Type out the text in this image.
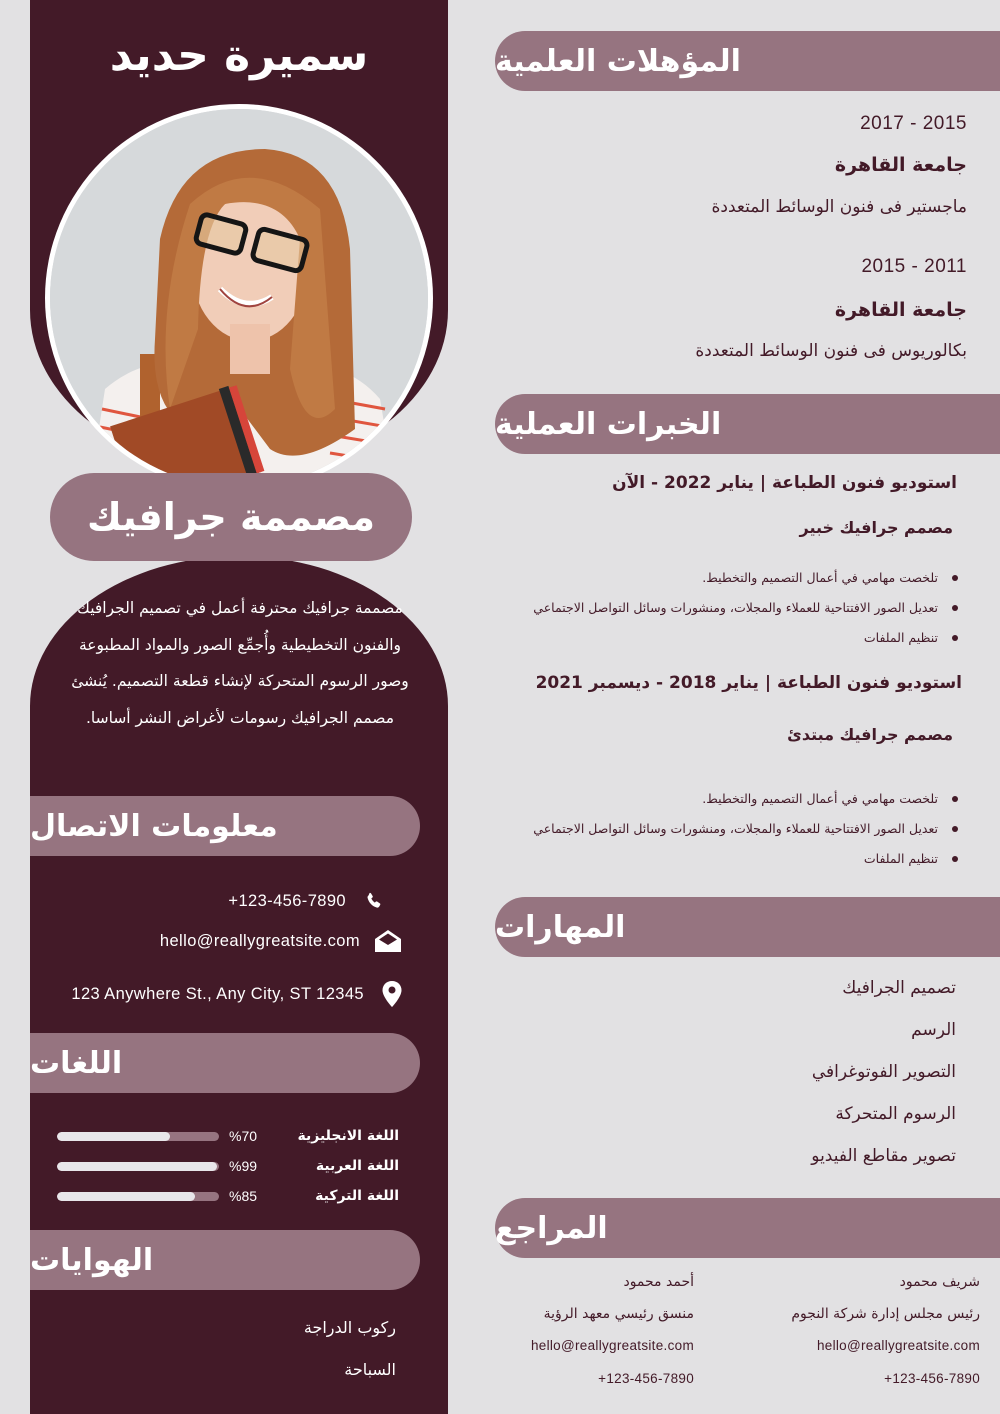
سميرة حديد
مصممة جرافيك

مصممة جرافيك محترفة أعمل في تصميم الجرافيك والفنون التخطيطية وأُجمِّع الصور والمواد المطبوعة وصور الرسوم المتحركة لإنشاء قطعة التصميم. يُنشئ مصمم الجرافيك رسومات لأغراض النشر أساسا.

معلومات الاتصال
+123-456-7890
hello@reallygreatsite.com
123 Anywhere St., Any City, ST 12345
اللغات
%70	اللغة الانجليزية
%99	اللغة العربية
%85	اللغة التركية
الهوايات
ركوب الدراجة
السباحة
المؤهلات العلمية
2017 - 2015
جامعة القاهرة
ماجستير فى فنون الوسائط المتعددة
2015 - 2011
جامعة القاهرة
بكالوريوس فى فنون الوسائط المتعددة
الخبرات العملية
استوديو فنون الطباعة | يناير 2022 - الآن
مصمم جرافيك خبير
تلخصت مهامي في أعمال التصميم والتخطيط.
تعديل الصور الافتتاحية للعملاء والمجلات، ومنشورات وسائل التواصل الاجتماعي
تنظيم الملفات
استوديو فنون الطباعة | يناير 2018 - ديسمبر 2021
مصمم جرافيك مبتدئ
تلخصت مهامي في أعمال التصميم والتخطيط.
تعديل الصور الافتتاحية للعملاء والمجلات، ومنشورات وسائل التواصل الاجتماعي
تنظيم الملفات
المهارات
تصميم الجرافيك
الرسم
التصوير الفوتوغرافي
الرسوم المتحركة
تصوير مقاطع الفيديو
المراجع
شريف محمود
رئيس مجلس إدارة شركة النجوم
hello@reallygreatsite.com
+123-456-7890
أحمد محمود
منسق رئيسي معهد الرؤية
hello@reallygreatsite.com
+123-456-7890
